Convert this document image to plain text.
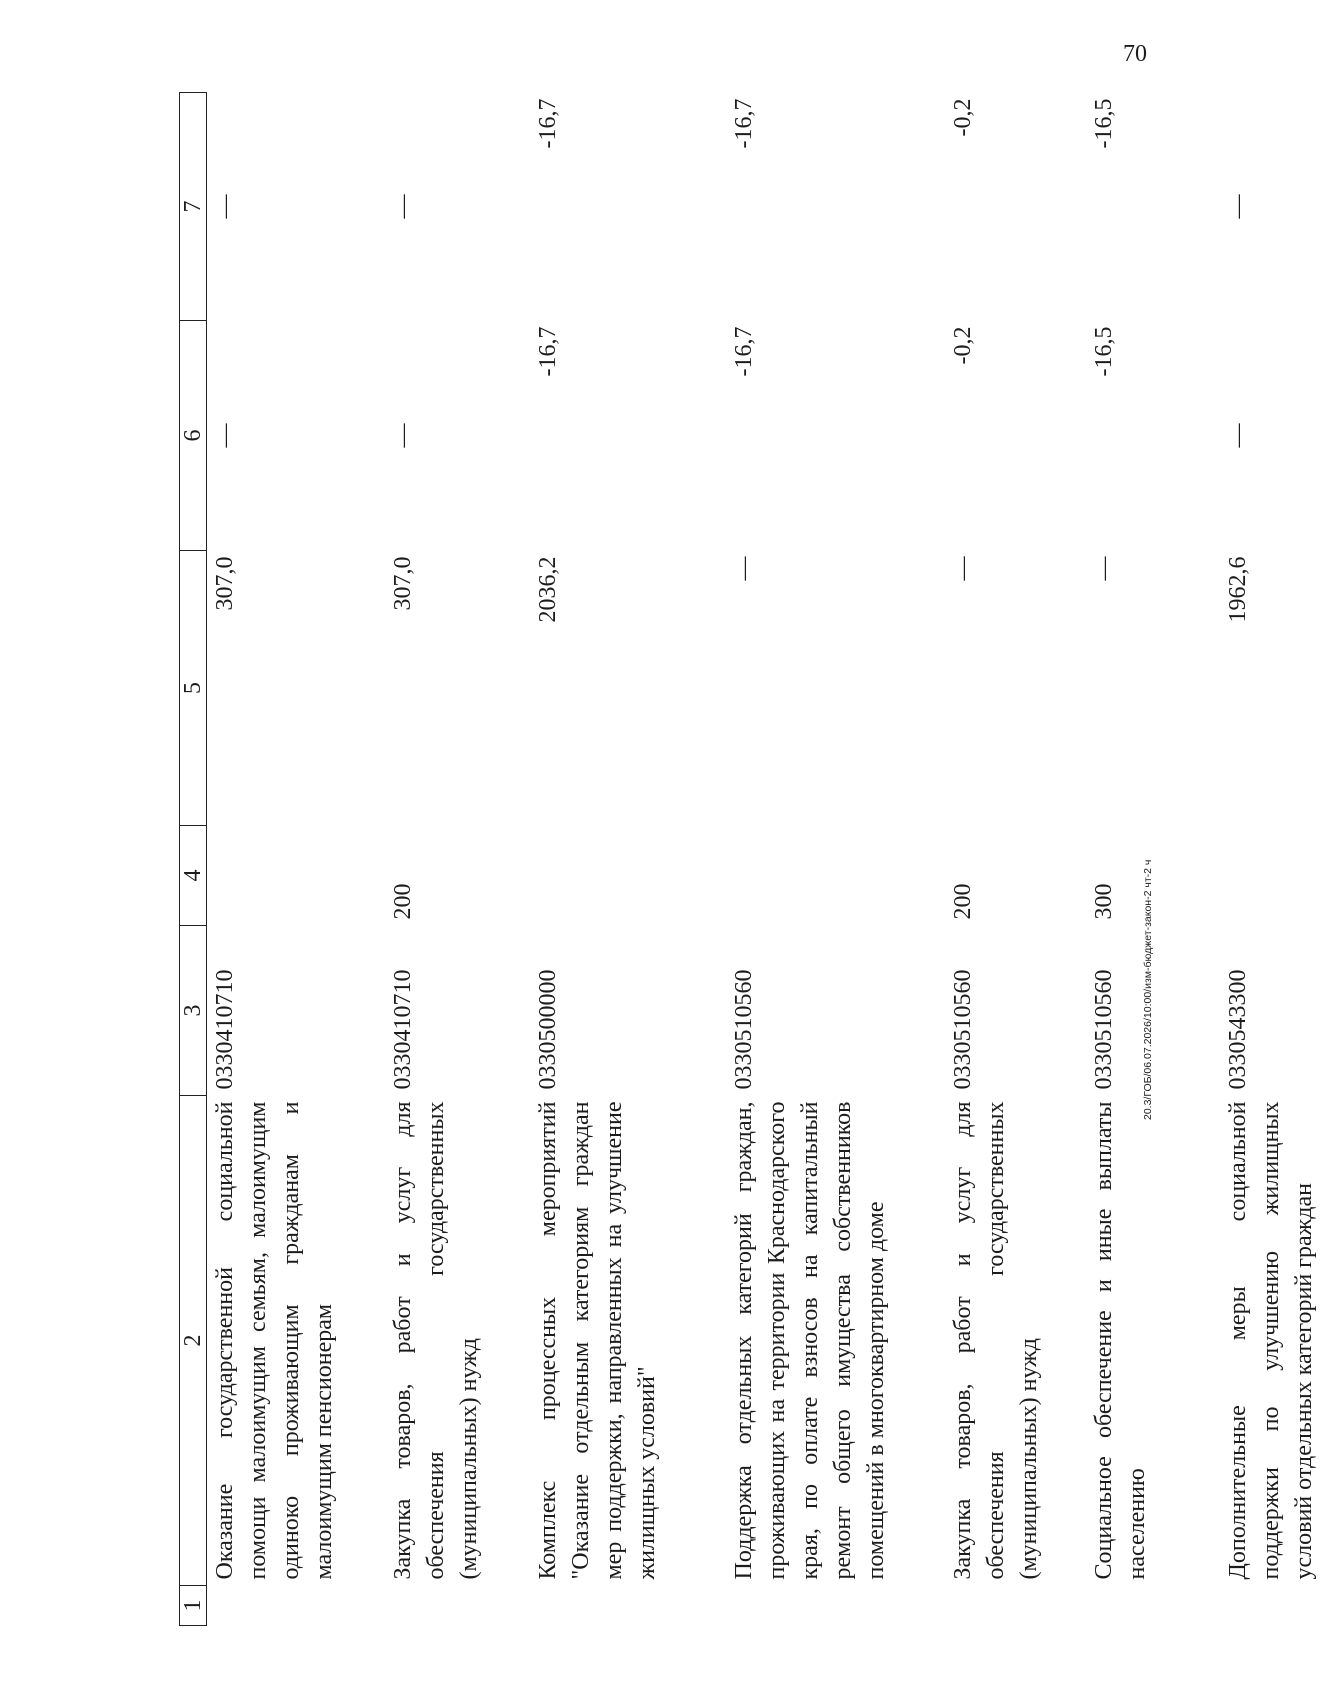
70
20.3/ГОБ/06.07.2026/10:00/изм-бюджет-закон-2 чт-2 ч
1	2	3	4	5	6	7
	Оказание государственной социальной помощи малоимущим семьям, малоимущим одиноко проживающим гражданам и малоимущим пенсионерам	0330410710		307,0	—	—
	Закупка товаров, работ и услуг для обеспечения государственных (муниципальных) нужд	0330410710	200	307,0	—	—
	Комплекс процессных мероприятий "Оказание отдельным категориям граждан мер поддержки, направленных на улучшение жилищных условий"	0330500000		2036,2	-16,7	-16,7
	Поддержка отдельных категорий граждан, проживающих на территории Краснодарского края, по оплате взносов на капитальный ремонт общего имущества собственников помещений в многоквартирном доме	0330510560		—	-16,7	-16,7
	Закупка товаров, работ и услуг для обеспечения государственных (муниципальных) нужд	0330510560	200	—	-0,2	-0,2
	Социальное обеспечение и иные выплаты населению	0330510560	300	—	-16,5	-16,5
	Дополнительные меры социальной поддержки по улучшению жилищных условий отдельных категорий граждан	0330543300		1962,6	—	—
